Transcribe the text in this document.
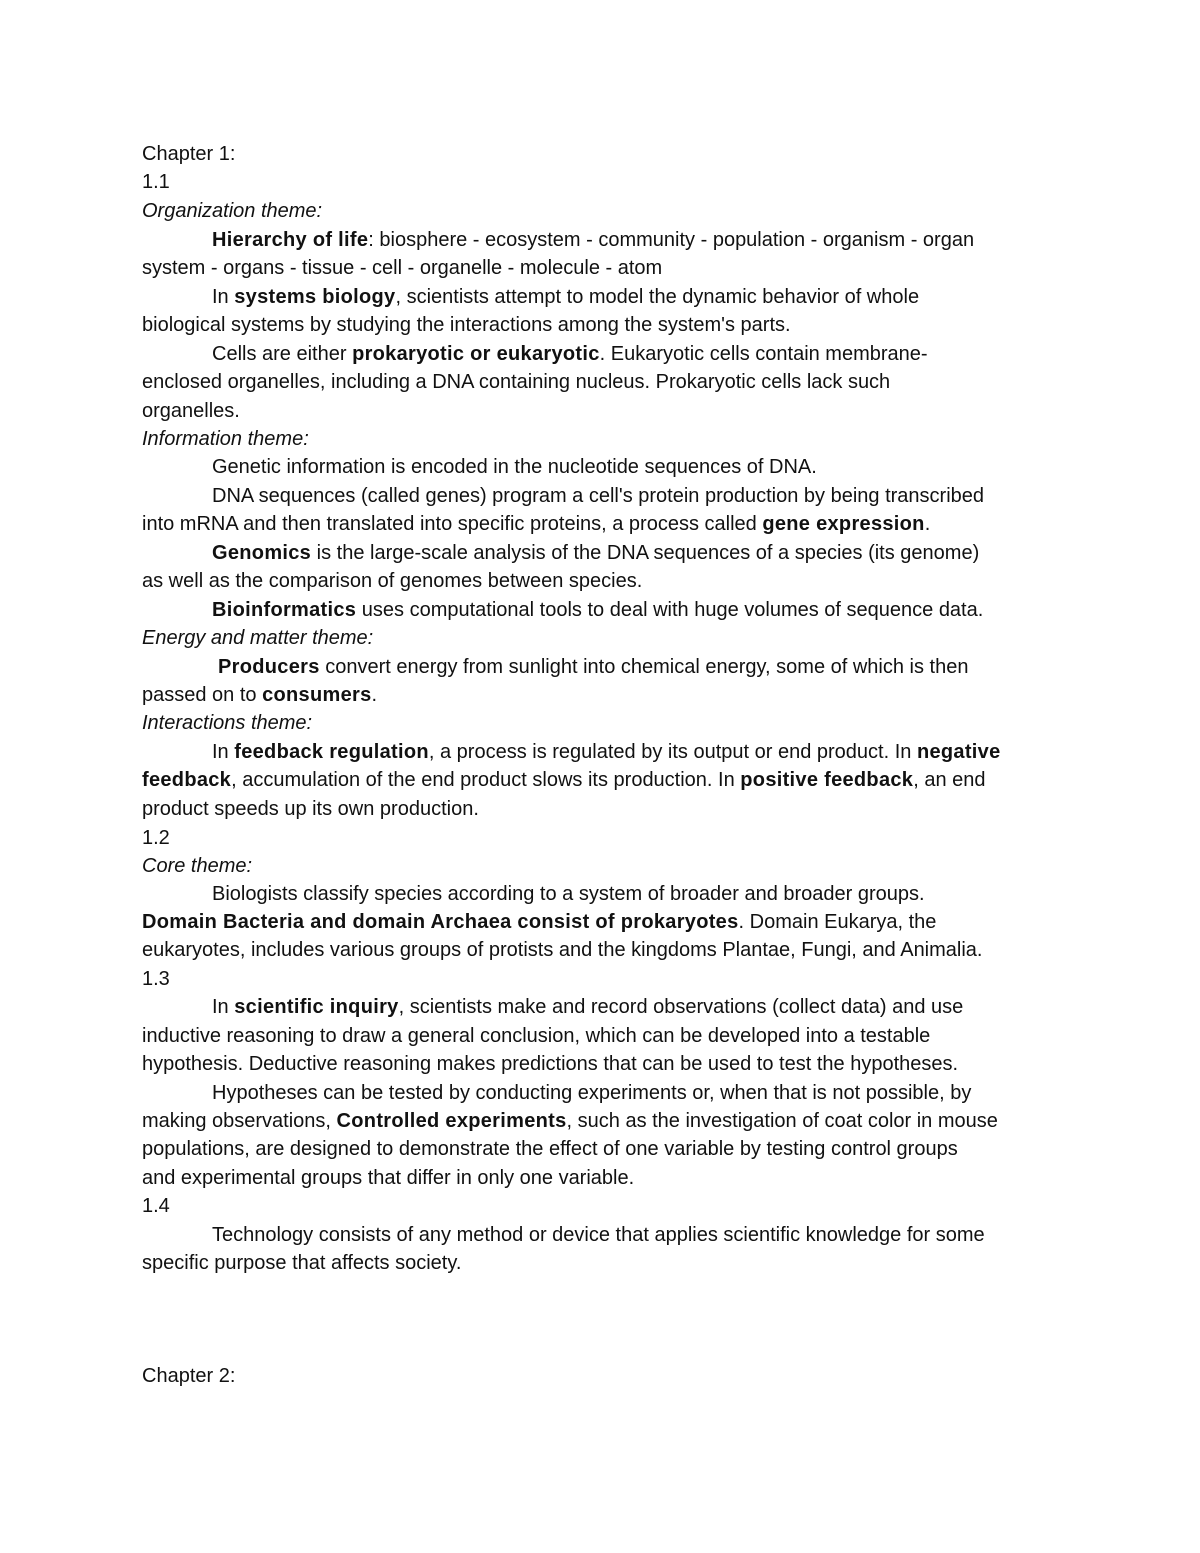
Chapter 1:
1.1
Organization theme:
Hierarchy of life: biosphere - ecosystem - community - population - organism - organ
system - organs - tissue - cell - organelle - molecule - atom
In systems biology, scientists attempt to model the dynamic behavior of whole
biological systems by studying the interactions among the system's parts.
Cells are either prokaryotic or eukaryotic. Eukaryotic cells contain membrane-
enclosed organelles, including a DNA containing nucleus. Prokaryotic cells lack such
organelles.
Information theme:
Genetic information is encoded in the nucleotide sequences of DNA.
DNA sequences (called genes) program a cell's protein production by being transcribed
into mRNA and then translated into specific proteins, a process called gene expression.
Genomics is the large-scale analysis of the DNA sequences of a species (its genome)
as well as the comparison of genomes between species.
Bioinformatics uses computational tools to deal with huge volumes of sequence data.
Energy and matter theme:
Producers convert energy from sunlight into chemical energy, some of which is then
passed on to consumers.
Interactions theme:
In feedback regulation, a process is regulated by its output or end product. In negative
feedback, accumulation of the end product slows its production. In positive feedback, an end
product speeds up its own production.
1.2
Core theme:
Biologists classify species according to a system of broader and broader groups.
Domain Bacteria and domain Archaea consist of prokaryotes. Domain Eukarya, the
eukaryotes, includes various groups of protists and the kingdoms Plantae, Fungi, and Animalia.
1.3
In scientific inquiry, scientists make and record observations (collect data) and use
inductive reasoning to draw a general conclusion, which can be developed into a testable
hypothesis. Deductive reasoning makes predictions that can be used to test the hypotheses.
Hypotheses can be tested by conducting experiments or, when that is not possible, by
making observations, Controlled experiments, such as the investigation of coat color in mouse
populations, are designed to demonstrate the effect of one variable by testing control groups
and experimental groups that differ in only one variable.
1.4
Technology consists of any method or device that applies scientific knowledge for some
specific purpose that affects society.
Chapter 2:
